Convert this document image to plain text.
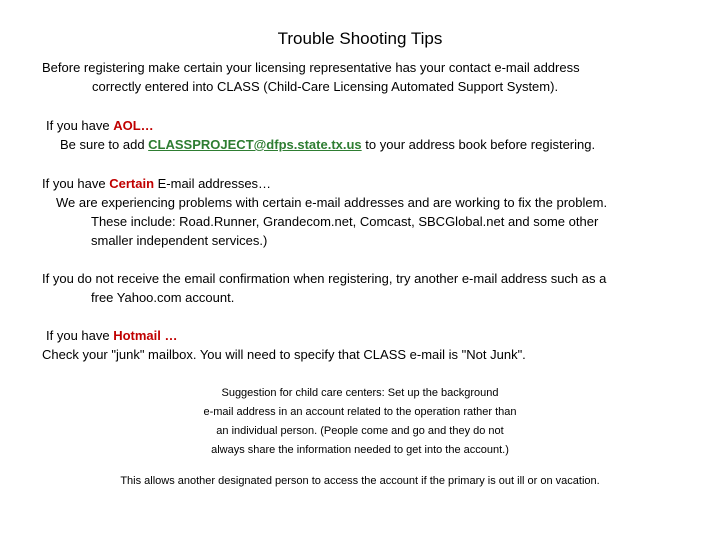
Trouble Shooting Tips
Before registering make certain your licensing representative has your contact e-mail address
correctly entered into CLASS (Child-Care Licensing Automated Support System).
If you have AOL…
Be sure to add CLASSPROJECT@dfps.state.tx.us to your address book before registering.
If you have Certain E-mail addresses…
We are experiencing problems with certain e-mail addresses and are working to fix the problem.
These include: Road.Runner, Grandecom.net, Comcast, SBCGlobal.net and some other
smaller independent services.)
If you do not receive the email confirmation when registering, try another e-mail address such as a
free Yahoo.com account.
If you have Hotmail …
Check your "junk" mailbox. You will need to specify that CLASS e-mail is "Not Junk".
Suggestion for child care centers: Set up the background
e-mail address in an account related to the operation rather than
an individual person. (People come and go and they do not
always share the information needed to get into the account.)
This allows another designated person to access the account if the primary is out ill or on vacation.
